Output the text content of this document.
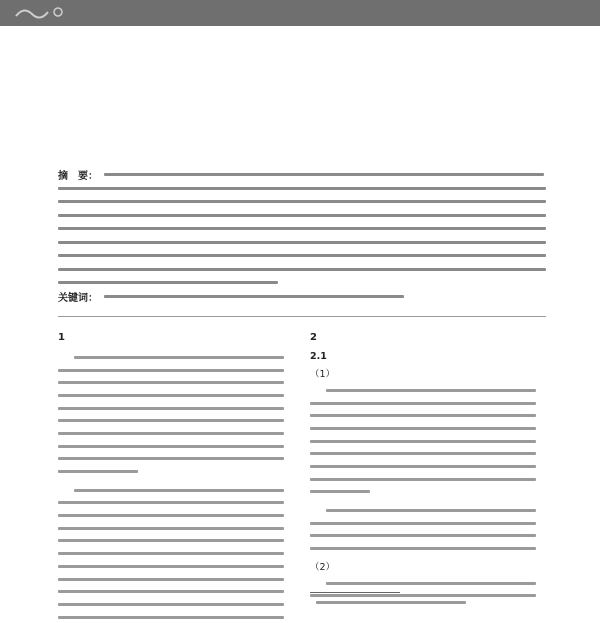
摘　要：
关键词：
1	2
2.1
（1）
（2）
